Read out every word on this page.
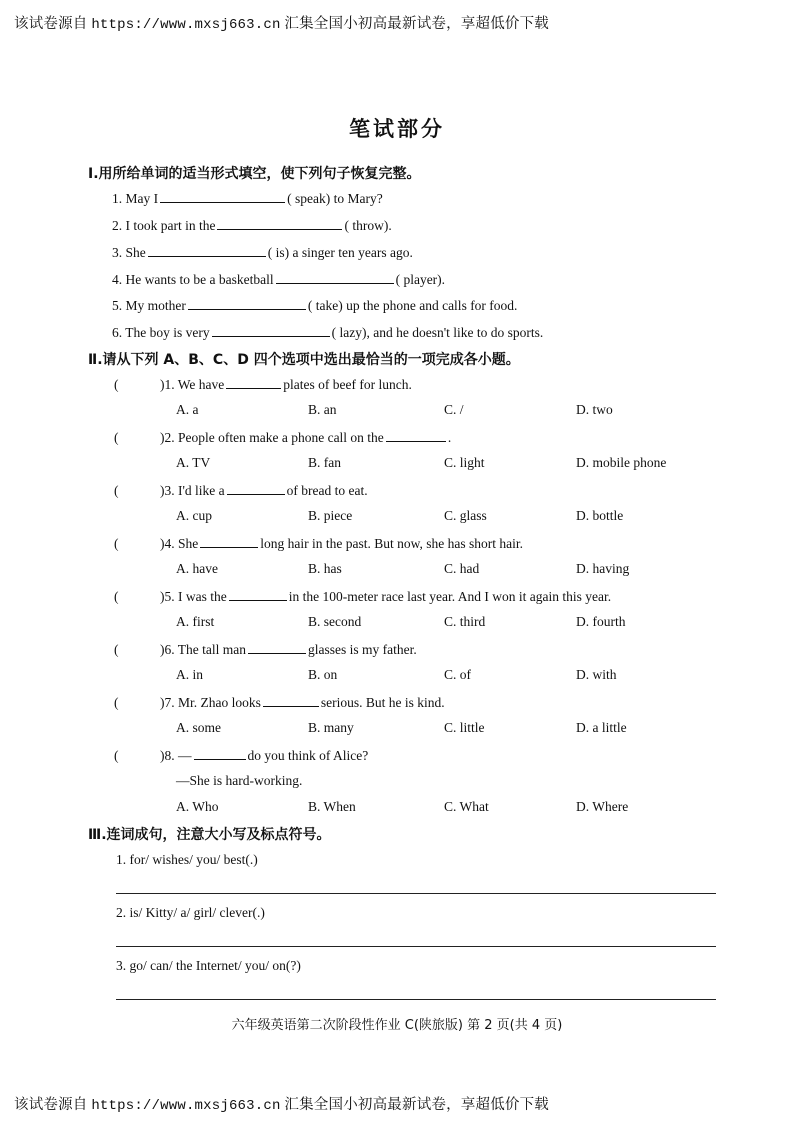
该试卷源自 https://www.mxsj663.cn 汇集全国小初高最新试卷，享超低价下载
笔试部分
Ⅰ.用所给单词的适当形式填空，使下列句子恢复完整。
1. May I	( speak) to Mary?
2. I took part in the	( throw).
3. She	( is) a singer ten years ago.
4. He wants to be a basketball	( player).
5. My mother	( take) up the phone and calls for food.
6. The boy is very	( lazy), and he doesn't like to do sports.
Ⅱ.请从下列 A、B、C、D 四个选项中选出最恰当的一项完成各小题。
(	)1. We have	plates of beef for lunch.
A. a	B. an	C. /	D. two
(	)2. People often make a phone call on the	.
A. TV	B. fan	C. light	D. mobile phone
(	)3. I'd like a	of bread to eat.
A. cup	B. piece	C. glass	D. bottle
(	)4. She	long hair in the past. But now, she has short hair.
A. have	B. has	C. had	D. having
(	)5. I was the	in the 100-meter race last year. And I won it again this year.
A. first	B. second	C. third	D. fourth
(	)6. The tall man	glasses is my father.
A. in	B. on	C. of	D. with
(	)7. Mr. Zhao looks	serious. But he is kind.
A. some	B. many	C. little	D. a little
(	)8. —	do you think of Alice?
—She is hard-working.
A. Who	B. When	C. What	D. Where
Ⅲ.连词成句，注意大小写及标点符号。
1. for/ wishes/ you/ best(.)
2. is/ Kitty/ a/ girl/ clever(.)
3. go/ can/ the Internet/ you/ on(?)
六年级英语第二次阶段性作业 C(陕旅版) 第 2 页(共 4 页)
该试卷源自 https://www.mxsj663.cn 汇集全国小初高最新试卷，享超低价下载
